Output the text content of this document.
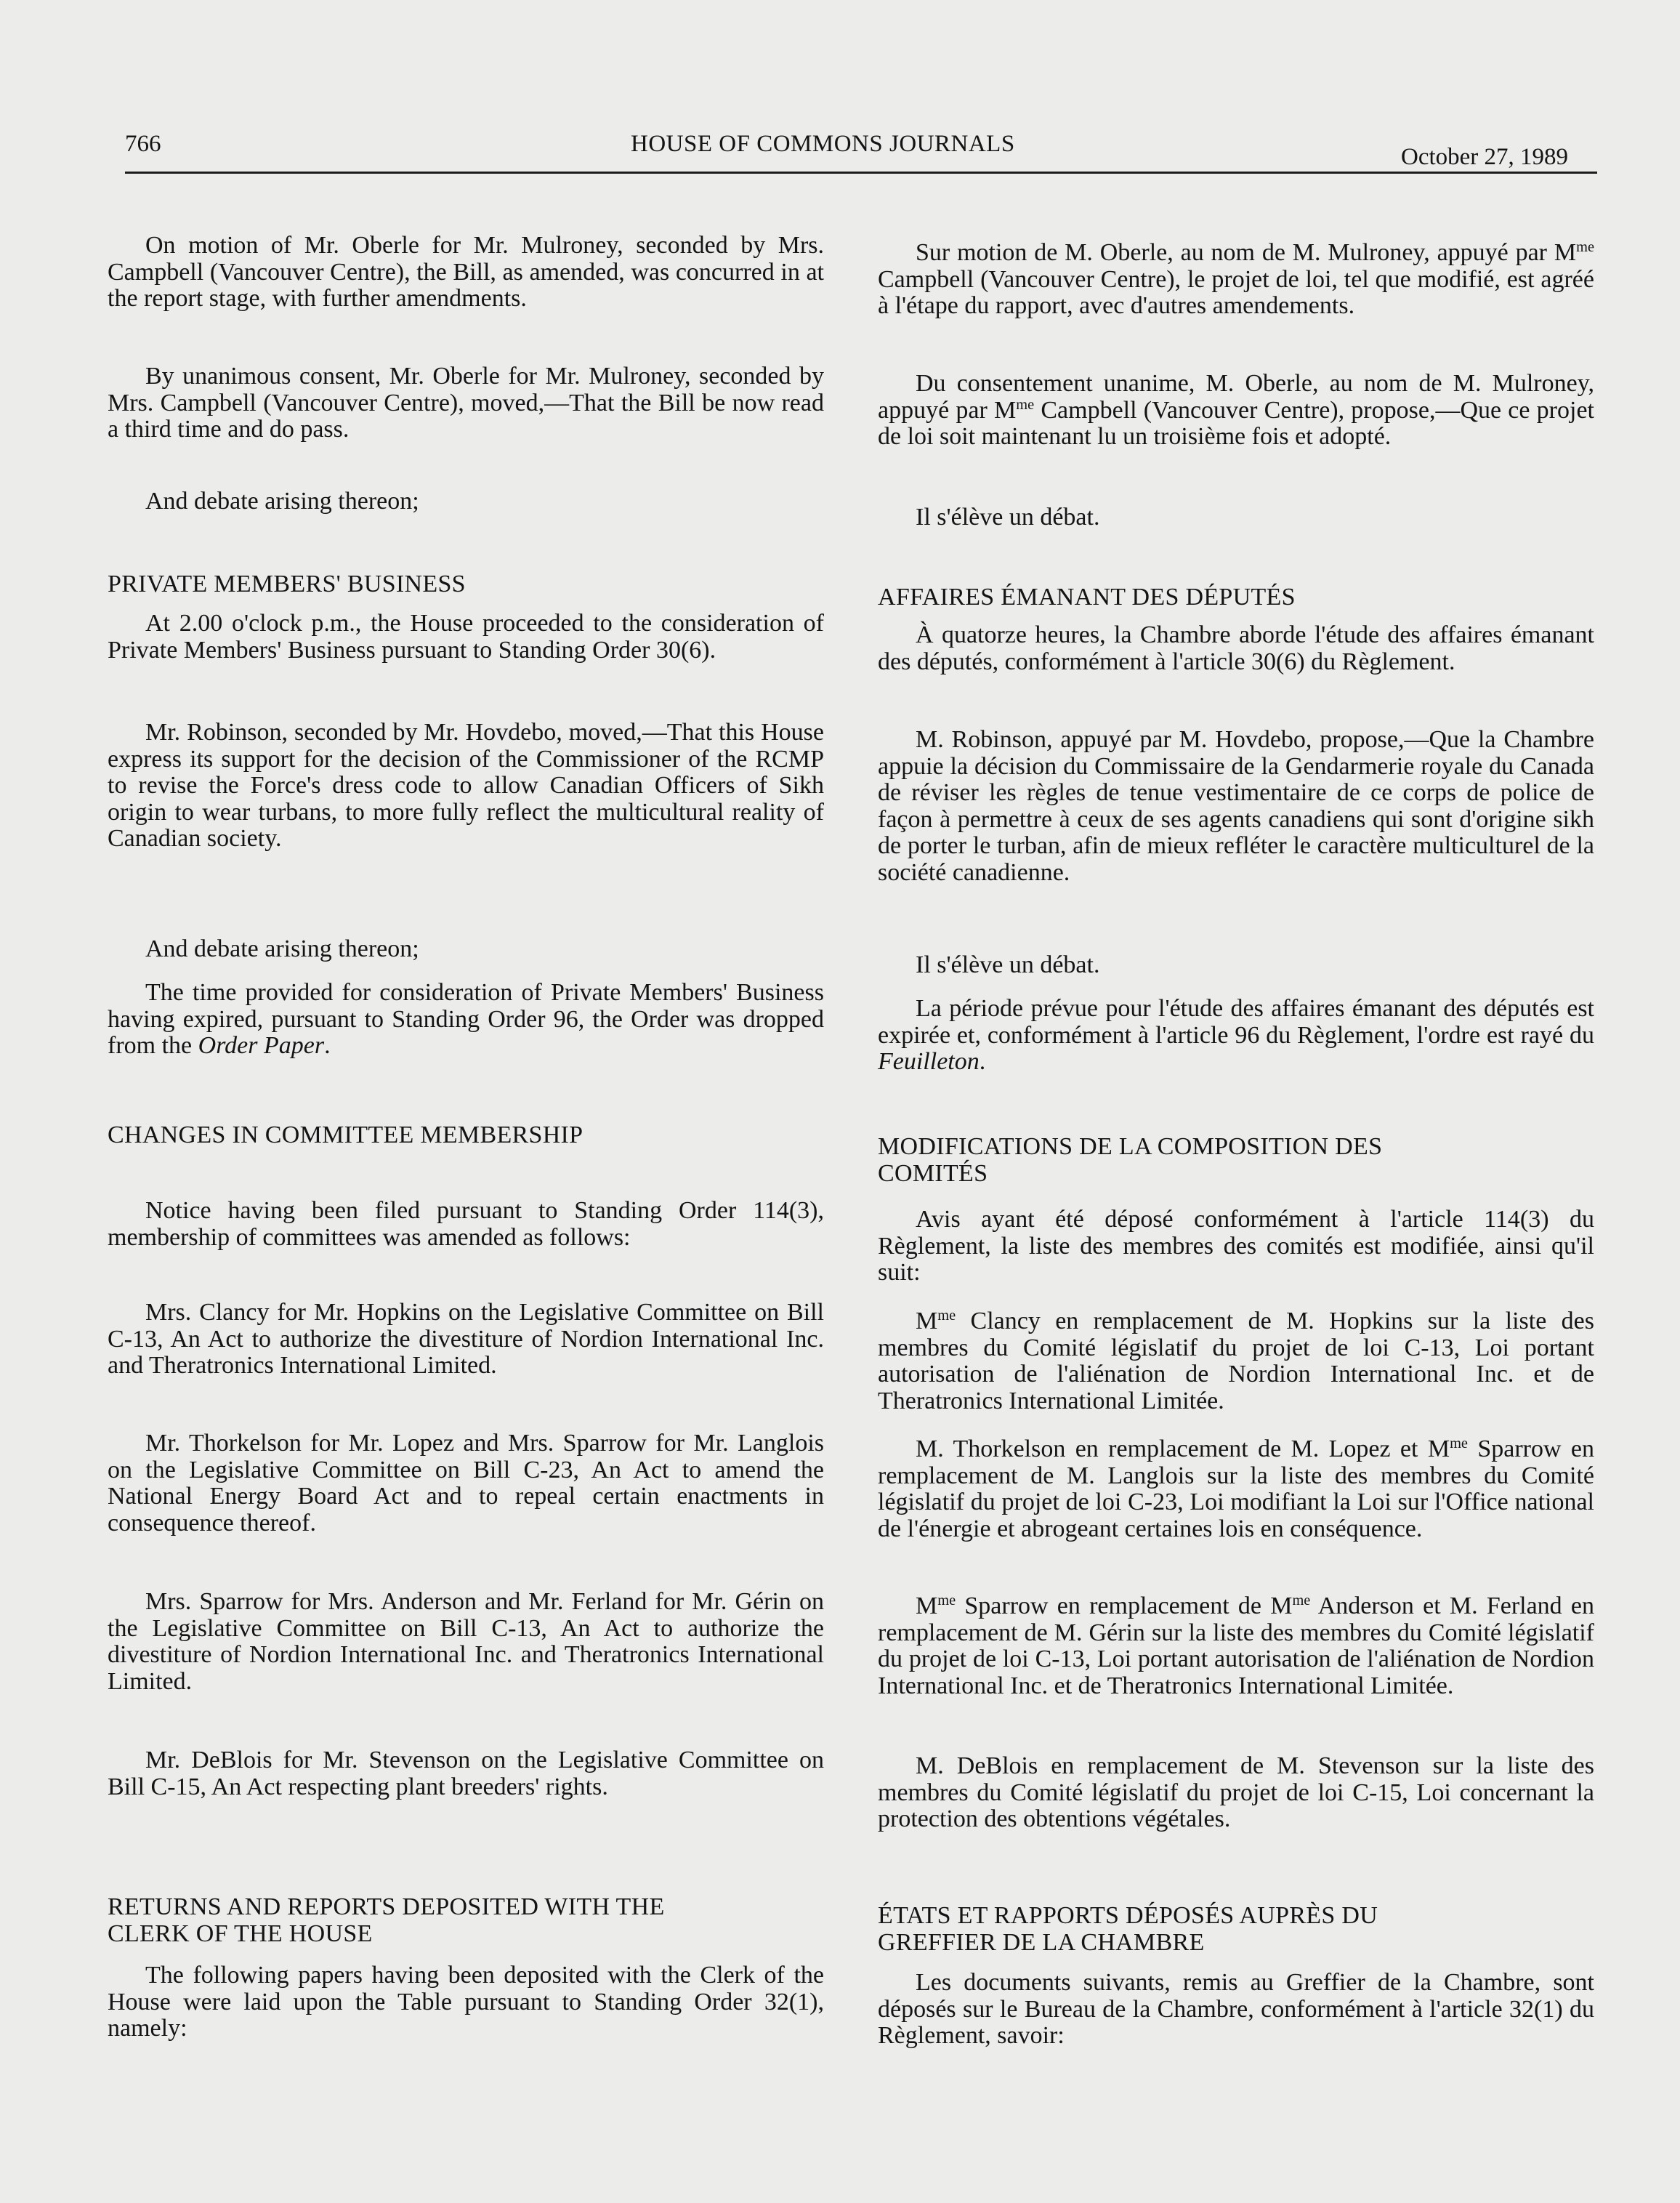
766	HOUSE OF COMMONS JOURNALS	October 27, 1989

On motion of Mr. Oberle for Mr. Mulroney, seconded by Mrs. Campbell (Vancouver Centre), the Bill, as amended, was concurred in at the report stage, with further amendments.

By unanimous consent, Mr. Oberle for Mr. Mulroney, seconded by Mrs. Campbell (Vancouver Centre), moved,—That the Bill be now read a third time and do pass.

And debate arising thereon;

PRIVATE MEMBERS' BUSINESS

At 2.00 o'clock p.m., the House proceeded to the consideration of Private Members' Business pursuant to Standing Order 30(6).

Mr. Robinson, seconded by Mr. Hovdebo, moved,—That this House express its support for the decision of the Commissioner of the RCMP to revise the Force's dress code to allow Canadian Officers of Sikh origin to wear turbans, to more fully reflect the multicultural reality of Canadian society.

And debate arising thereon;

The time provided for consideration of Private Members' Business having expired, pursuant to Standing Order 96, the Order was dropped from the Order Paper.

CHANGES IN COMMITTEE MEMBERSHIP

Notice having been filed pursuant to Standing Order 114(3), membership of committees was amended as follows:

Mrs. Clancy for Mr. Hopkins on the Legislative Committee on Bill C-13, An Act to authorize the divestiture of Nordion International Inc. and Theratronics International Limited.

Mr. Thorkelson for Mr. Lopez and Mrs. Sparrow for Mr. Langlois on the Legislative Committee on Bill C-23, An Act to amend the National Energy Board Act and to repeal certain enactments in consequence thereof.

Mrs. Sparrow for Mrs. Anderson and Mr. Ferland for Mr. Gérin on the Legislative Committee on Bill C-13, An Act to authorize the divestiture of Nordion International Inc. and Theratronics International Limited.

Mr. DeBlois for Mr. Stevenson on the Legislative Committee on Bill C-15, An Act respecting plant breeders' rights.

RETURNS AND REPORTS DEPOSITED WITH THE
CLERK OF THE HOUSE

The following papers having been deposited with the Clerk of the House were laid upon the Table pursuant to Standing Order 32(1), namely:

Sur motion de M. Oberle, au nom de M. Mulroney, appuyé par $M^{me}$ Campbell (Vancouver Centre), le projet de loi, tel que modifié, est agréé à l'étape du rapport, avec d'autres amendements.

Du consentement unanime, M. Oberle, au nom de M. Mulroney, appuyé par $M^{me}$ Campbell (Vancouver Centre), propose,—Que ce projet de loi soit maintenant lu un troisième fois et adopté.

Il s'élève un débat.

AFFAIRES ÉMANANT DES DÉPUTÉS

À quatorze heures, la Chambre aborde l'étude des affaires émanant des députés, conformément à l'article 30(6) du Règlement.

M. Robinson, appuyé par M. Hovdebo, propose,—Que la Chambre appuie la décision du Commissaire de la Gendarmerie royale du Canada de réviser les règles de tenue vestimentaire de ce corps de police de façon à permettre à ceux de ses agents canadiens qui sont d'origine sikh de porter le turban, afin de mieux refléter le caractère multiculturel de la société canadienne.

Il s'élève un débat.

La période prévue pour l'étude des affaires émanant des députés est expirée et, conformément à l'article 96 du Règlement, l'ordre est rayé du Feuilleton.

MODIFICATIONS DE LA COMPOSITION DES
COMITÉS

Avis ayant été déposé conformément à l'article 114(3) du Règlement, la liste des membres des comités est modifiée, ainsi qu'il suit:

$M^{me}$ Clancy en remplacement de M. Hopkins sur la liste des membres du Comité législatif du projet de loi C-13, Loi portant autorisation de l'aliénation de Nordion International Inc. et de Theratronics International Limitée.

M. Thorkelson en remplacement de M. Lopez et $M^{me}$ Sparrow en remplacement de M. Langlois sur la liste des membres du Comité législatif du projet de loi C-23, Loi modifiant la Loi sur l'Office national de l'énergie et abrogeant certaines lois en conséquence.

$M^{me}$ Sparrow en remplacement de $M^{me}$ Anderson et M. Ferland en remplacement de M. Gérin sur la liste des membres du Comité législatif du projet de loi C-13, Loi portant autorisation de l'aliénation de Nordion International Inc. et de Theratronics International Limitée.

M. DeBlois en remplacement de M. Stevenson sur la liste des membres du Comité législatif du projet de loi C-15, Loi concernant la protection des obtentions végétales.

ÉTATS ET RAPPORTS DÉPOSÉS AUPRÈS DU
GREFFIER DE LA CHAMBRE

Les documents suivants, remis au Greffier de la Chambre, sont déposés sur le Bureau de la Chambre, conformément à l'article 32(1) du Règlement, savoir:
